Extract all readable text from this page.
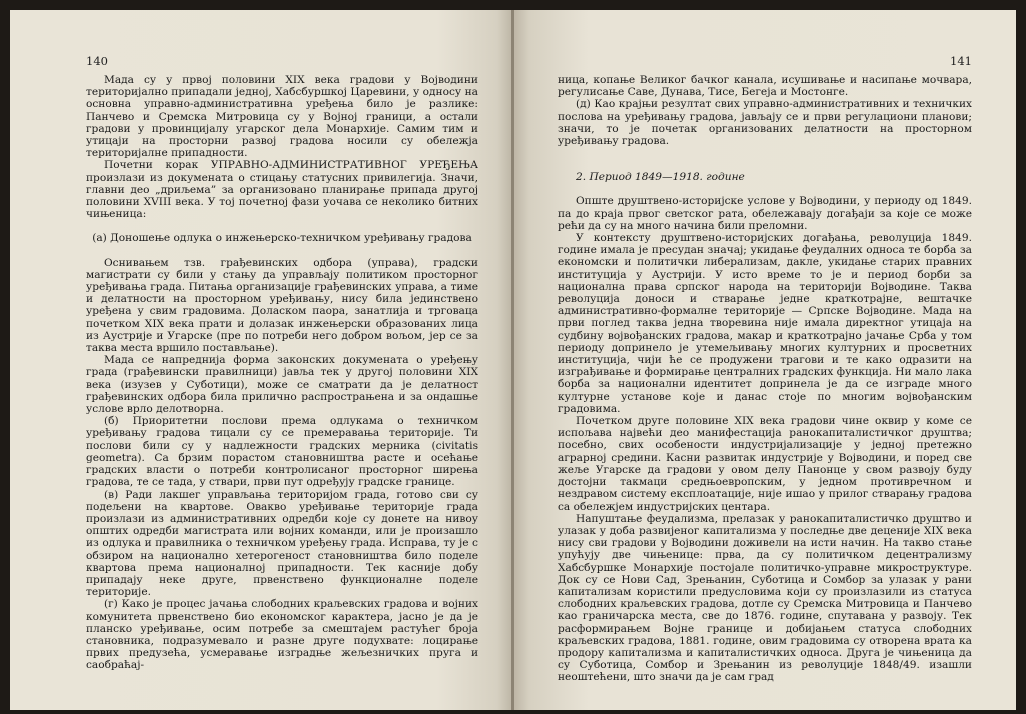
140

Мада су у првој половини XIX века градови у Војводини територијално припадали једној, Хабсбуршкој Царевини, у односу на основна управно-административна уређења било је разлике: Панчево и Сремска Митровица су у Војној граници, а остали градови у провинцијалу угарског дела Монархије. Самим тим и утицаји на просторни развој градова носили су обележја територијалне припадности.

Почетни корак УПРАВНО-АДМИНИСТРАТИВНОГ УРЕЂЕЊА произлази из докумената о стицању статусних привилегија. Значи, главни део „дриљема” за организовано планирање припада другој половини XVIII века. У тој почетној фази уочава се неколико битних чињеница:

(а) Доношење одлука о инжењерско-техничком уређивању градова

Оснивањем тзв. грађевинских одбора (управа), градски магистрати су били у стању да управљају политиком просторног уређивања града. Питања организације грађевинских управа, а тиме и делатности на просторном уређивању, нису била јединствено уређена у свим градовима. Доласком паора, занатлија и трговаца почетком XIX века прати и долазак инжењерски образованих лица из Аустрије и Угарске (пре по потреби него добром вољом, јер се за таква места вршило постављање).

Мада се напреднија форма законских докумената о уређењу града (грађевински правилници) јавља тек у другој половини XIX века (изузев у Суботици), може се сматрати да је делатност грађевинских одбора била прилично распрострањена и за ондашње услове врло делотворна.

(б) Приоритетни послови према одлукама о техничком уређивању градова тицали су се премеравања територије. Ти послови били су у надлежности градских мерника (civitatis geometra). Са брзим порастом становништва расте и осећање градских власти о потреби контролисаног просторног ширења градова, те се тада, у ствари, први пут одређују градске границе.

(в) Ради лакшег управљања територијом града, готово сви су подељени на квартове. Овакво уређивање територије града произлази из административних одредби које су донете на нивоу општих одредби магистрата или војних команди, или је произашло из одлука и правилника о техничком уређењу града. Исправа, ту је с обзиром на национално хетерогеност становништва било поделе квартова према националној припадности. Тек касније добу припадају неке друге, првенствено функционалне поделе територије.

(г) Како је процес јачања слободних краљевских градова и војних комунитета првенствено био економског карактера, јасно је да је планско уређивање, осим потребе за смештајем растућег броја становника, подразумевало и разне друге подухвате: лоцирање првих предузећа, усмеравање изградње жељезничких пруга и саобраћај-

141

ница, копање Великог бачког канала, исушивање и насипање мочвара, регулисање Саве, Дунава, Тисе, Бегеја и Мостонге.

(д) Као крајњи резултат свих управно-административних и техничких послова на уређивању градова, јављају се и први регулациони планови; значи, то је почетак организованих делатности на просторном уређивању градова.

2. Период 1849—1918. године

Опште друштвено-историјске услове у Војводини, у периоду од 1849. па до краја првог светског рата, обележавају догађаји за које се може рећи да су на много начина били преломни.

У контексту друштвено-историјских догађања, револуција 1849. године имала је пресудан значај; укидање феудалних односа те борба за економски и политички либерализам, дакле, укидање старих правних институција у Аустрији. У исто време то је и период борби за национална права српског народа на територији Војводине. Таква револуција доноси и стварање једне краткотрајне, вештачке административно-формалне територије — Српске Војводине. Мада на први поглед таква једна творевина није имала директног утицаја на судбину војвођанских градова, макар и краткотрајно јачање Срба у том периоду допринело је утемељивању многих културних и просветних институција, чији ће се продужени трагови и те како одразити на изграђивање и формирање централних градских функција. Ни мало лака борба за национални идентитет допринела је да се изграде много културне установе које и данас стоје по многим војвођанским градовима.

Почетком друге половине XIX века градови чине оквир у коме се испољава највећи део манифестација ранокапиталистичког друштва; посебно, свих особености индустријализације у једној претежно аграрној средини. Касни развитак индустрије у Војводини, и поред све жеље Угарске да градови у овом делу Панонце у свом развоју буду достојни такмаци средњоевропским, у једном противречном и нездравом систему експлоатације, није ишао у прилог стварању градова са обележјем индустријских центара.

Напуштање феудализма, прелазак у ранокапиталистичко друштво и улазак у доба развијеног капитализма у последње две деценије XIX века нису сви градови у Војводини доживели на исти начин. На такво стање упућују две чињенице: прва, да су политичком децентрализму Хабсбуршке Монархије постојале политичко-управне микроструктуре. Док су се Нови Сад, Зрењанин, Суботица и Сомбор за улазак у рани капитализам користили предусловима који су произлазили из статуса слободних краљевских градова, дотле су Сремска Митровица и Панчево као граничарска места, све до 1876. године, спутавана у развоју. Тек расформирањем Војне границе и добијањем статуса слободних краљевских градова, 1881. године, овим градовима су отворена врата ка продору капитализма и капиталистичких односа. Друга је чињеница да су Суботица, Сомбор и Зрењанин из револуције 1848/49. изашли неоштећени, што значи да је сам град
